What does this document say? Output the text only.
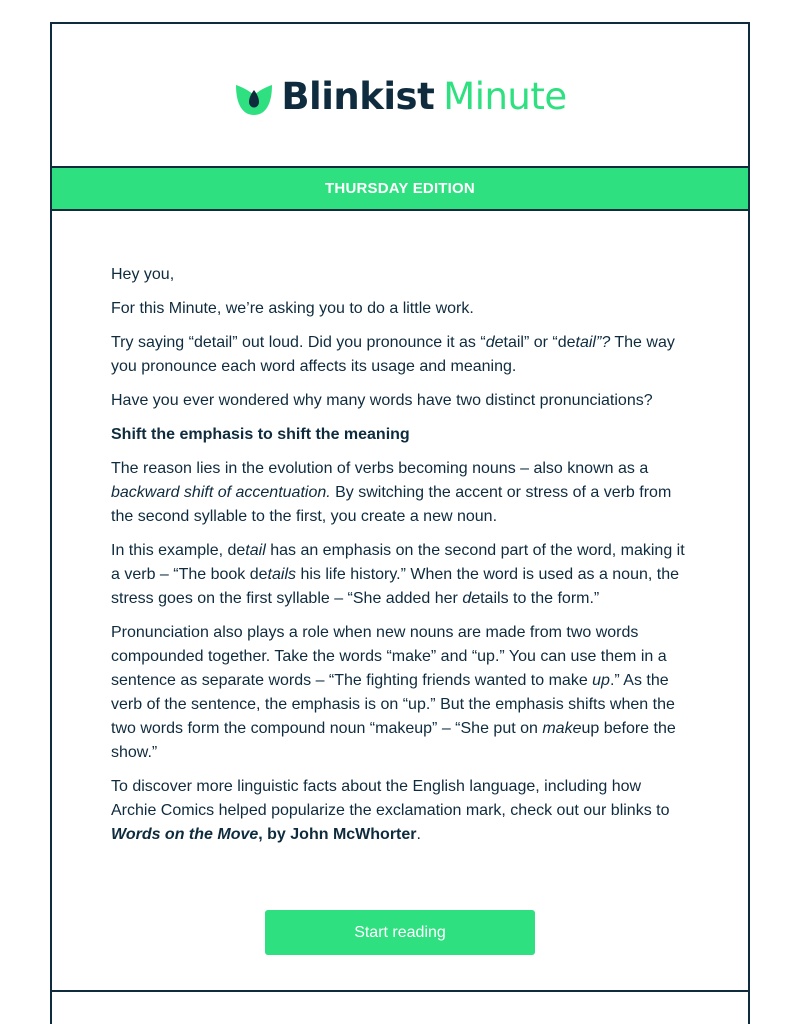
Blinkist Minute
THURSDAY EDITION

Hey you,

For this Minute, we’re asking you to do a little work.

Try saying “detail” out loud. Did you pronounce it as “detail” or “detail”? The way you pronounce each word affects its usage and meaning.

Have you ever wondered why many words have two distinct pronunciations?

Shift the emphasis to shift the meaning

The reason lies in the evolution of verbs becoming nouns – also known as a backward shift of accentuation. By switching the accent or stress of a verb from the second syllable to the first, you create a new noun.

In this example, detail has an emphasis on the second part of the word, making it a verb – “The book details his life history.” When the word is used as a noun, the stress goes on the first syllable – “She added her details to the form.”

Pronunciation also plays a role when new nouns are made from two words compounded together. Take the words “make” and “up.” You can use them in a sentence as separate words – “The fighting friends wanted to make up.” As the verb of the sentence, the emphasis is on “up.” But the emphasis shifts when the two words form the compound noun “makeup” – “She put on makeup before the show.”

To discover more linguistic facts about the English language, including how Archie Comics helped popularize the exclamation mark, check out our blinks to Words on the Move, by John McWhorter.

Start reading
